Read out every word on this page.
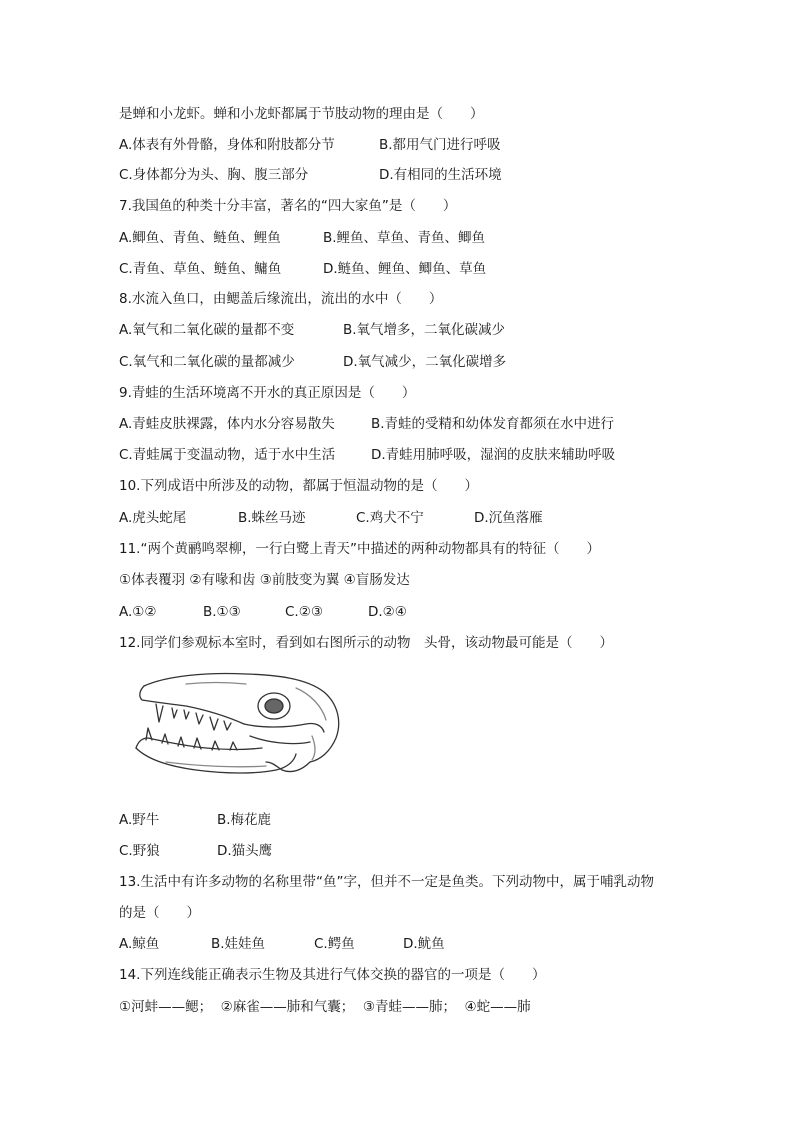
是蝉和小龙虾。蝉和小龙虾都属于节肢动物的理由是（　　）
A.体表有外骨骼，身体和附肢都分节	B.都用气门进行呼吸
C.身体都分为头、胸、腹三部分	D.有相同的生活环境
7.我国鱼的种类十分丰富，著名的“四大家鱼”是（　　）
A.鲫鱼、青鱼、鲢鱼、鲤鱼	B.鲤鱼、草鱼、青鱼、鲫鱼
C.青鱼、草鱼、鲢鱼、鳙鱼	D.鲢鱼、鲤鱼、鲫鱼、草鱼
8.水流入鱼口，由鳃盖后缘流出，流出的水中（　　）
A.氧气和二氧化碳的量都不变	B.氧气增多，二氧化碳减少
C.氧气和二氧化碳的量都减少	D.氧气减少，二氧化碳增多
9.青蛙的生活环境离不开水的真正原因是（　　）
A.青蛙皮肤裸露，体内水分容易散失	B.青蛙的受精和幼体发育都须在水中进行
C.青蛙属于变温动物，适于水中生活	D.青蛙用肺呼吸，湿润的皮肤来辅助呼吸
10.下列成语中所涉及的动物，都属于恒温动物的是（　　）
A.虎头蛇尾	B.蛛丝马迹	C.鸡犬不宁	D.沉鱼落雁
11.“两个黄鹂鸣翠柳，一行白鹭上青天”中描述的两种动物都具有的特征（　　）
①体表覆羽 ②有喙和齿 ③前肢变为翼 ④盲肠发达
A.①②	B.①③	C.②③	D.②④
12.同学们参观标本室时，看到如右图所示的动物　头骨，该动物最可能是（　　）
A.野牛	B.梅花鹿
C.野狼	D.猫头鹰
13.生活中有许多动物的名称里带“鱼”字，但并不一定是鱼类。下列动物中，属于哺乳动物
的是（　　）
A.鲸鱼	B.娃娃鱼	C.鳄鱼	D.鱿鱼
14.下列连线能正确表示生物及其进行气体交换的器官的一项是（　　）
①河蚌——鳃；  ②麻雀——肺和气囊；  ③青蛙——肺；  ④蛇——肺
